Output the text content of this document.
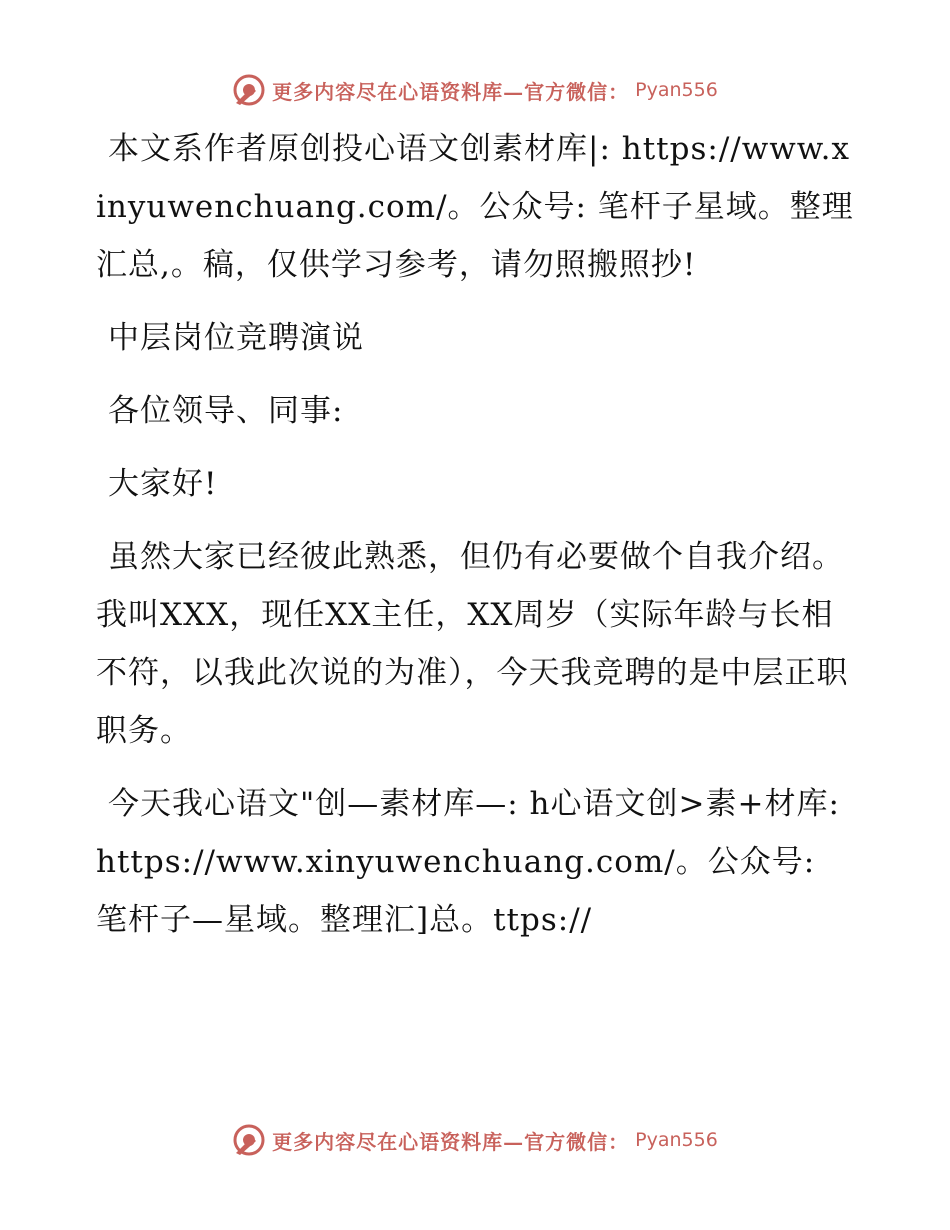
更多内容尽在心语资料库—官方微信： Pyan556

本文系作者原创投心语文创素材库|: https://www.xinyuwenchuang.com/。公众号: 笔杆子星域。整理汇总,。稿，仅供学习参考，请勿照搬照抄!

中层岗位竞聘演说

各位领导、同事:

大家好!

虽然大家已经彼此熟悉，但仍有必要做个自我介绍。我叫XXX，现任XX主任，XX周岁（实际年龄与长相不符，以我此次说的为准），今天我竞聘的是中层正职职务。

今天我心语文"创—素材库—: h心语文创>素+材库: https://www.xinyuwenchuang.com/。公众号: 笔杆子—星域。整理汇]总。ttps://

更多内容尽在心语资料库—官方微信： Pyan556
